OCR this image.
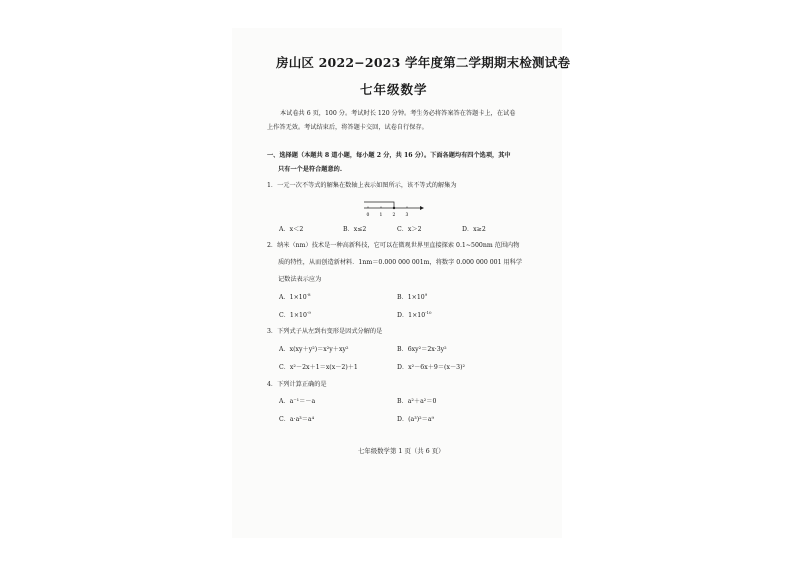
房山区 2022−2023 学年度第二学期期末检测试卷
七年级数学
本试卷共 6 页，100 分。考试时长 120 分钟。考生务必将答案答在答题卡上，在试卷
上作答无效。考试结束后，将答题卡交回，试卷自行保存。
一、选择题（本题共 8 道小题，每小题 2 分，共 16 分）。下面各题均有四个选项，其中
只有一个是符合题意的.
1．一元一次不等式的解集在数轴上表示如图所示，该不等式的解集为
0 1 2 3
A．x＜2	B．x≤2	C．x＞2	D．x≥2
2．纳米（nm）技术是一种高新科技，它可以在微观世界里直接探索 0.1~500nm 范围内物
质的特性，从而创造新材料．1nm＝0.000 000 001m，将数字 0.000 000 001 用科学
记数法表示应为
A．$1\times 10^{-8}$	B．$1\times 10^9$
C．$1\times 10^{-9}$	D．$1\times 10^{-10}$
3．下列式子从左到右变形是因式分解的是
A．x(xy＋y²)＝x²y＋xy²	B．6xy²＝2x·3y²
C．x²－2x＋1＝x(x－2)＋1	D．x²－6x＋9＝(x－3)²
4．下列计算正确的是
A．a⁻¹＝－a	B．a²＋a²＝0
C．a·a³＝a⁴	D．(a³)²＝a⁹
七年级数学第 1 页（共 6 页）
